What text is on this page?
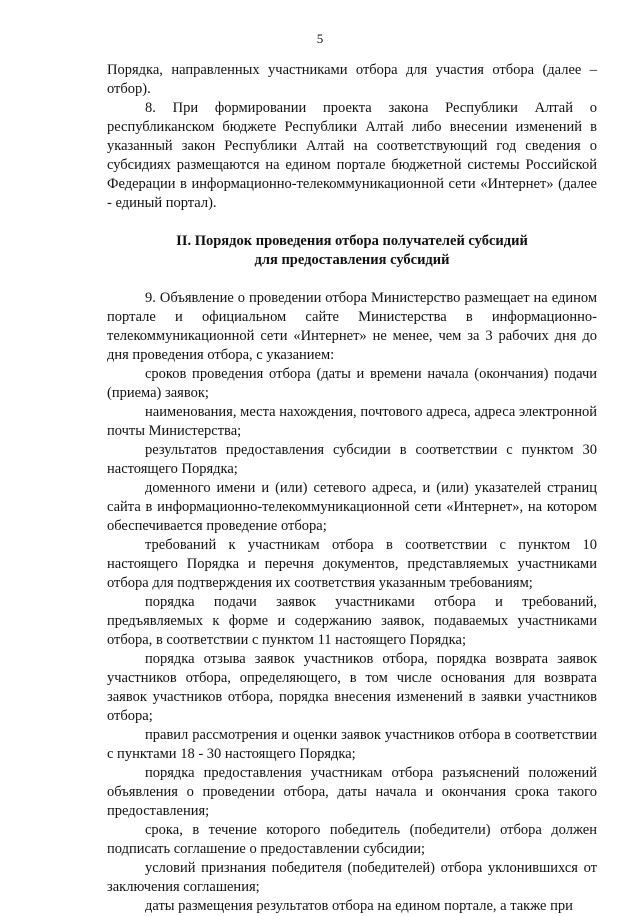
5

Порядка, направленных участниками отбора для участия отбора (далее – отбор).

8. При формировании проекта закона Республики Алтай о республиканском бюджете Республики Алтай либо внесении изменений в указанный закон Республики Алтай на соответствующий год сведения о субсидиях размещаются на едином портале бюджетной системы Российской Федерации в информационно-телекоммуникационной сети «Интернет» (далее - единый портал).

II. Порядок проведения отбора получателей субсидий
для предоставления субсидий

9. Объявление о проведении отбора Министерство размещает на едином портале и официальном сайте Министерства в информационно-телекоммуникационной сети «Интернет» не менее, чем за 3 рабочих дня до дня проведения отбора, с указанием:

сроков проведения отбора (даты и времени начала (окончания) подачи (приема) заявок;

наименования, места нахождения, почтового адреса, адреса электронной почты Министерства;

результатов предоставления субсидии в соответствии с пунктом 30 настоящего Порядка;

доменного имени и (или) сетевого адреса, и (или) указателей страниц сайта в информационно-телекоммуникационной сети «Интернет», на котором обеспечивается проведение отбора;

требований к участникам отбора в соответствии с пунктом 10 настоящего Порядка и перечня документов, представляемых участниками отбора для подтверждения их соответствия указанным требованиям;

порядка подачи заявок участниками отбора и требований, предъявляемых к форме и содержанию заявок, подаваемых участниками отбора, в соответствии с пунктом 11 настоящего Порядка;

порядка отзыва заявок участников отбора, порядка возврата заявок участников отбора, определяющего, в том числе основания для возврата заявок участников отбора, порядка внесения изменений в заявки участников отбора;

правил рассмотрения и оценки заявок участников отбора в соответствии с пунктами 18 - 30 настоящего Порядка;

порядка предоставления участникам отбора разъяснений положений объявления о проведении отбора, даты начала и окончания срока такого предоставления;

срока, в течение которого победитель (победители) отбора должен подписать соглашение о предоставлении субсидии;

условий признания победителя (победителей) отбора уклонившихся от заключения соглашения;

даты размещения результатов отбора на едином портале, а также при
